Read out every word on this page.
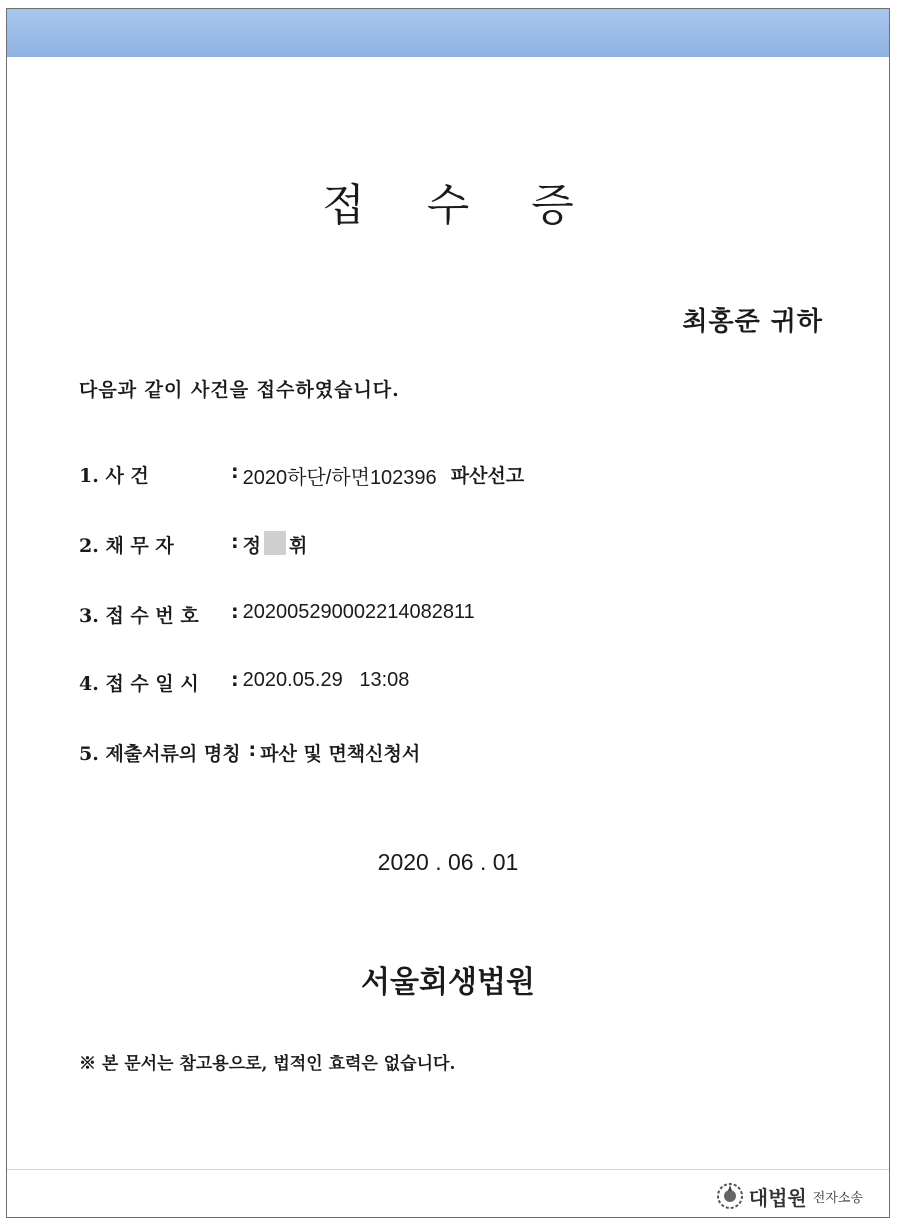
접수증
최홍준 귀하
다음과 같이 사건을 접수하였습니다.
1. 사 건	: 2020하단/하면102396 파산선고
2. 채 무 자	: 정 휘
3. 접 수 번 호	: 20200529000221408281​1
4. 접 수 일 시	: 2020.05.29   13:08
5. 제출서류의 명칭 : 파산 및 면책신청서
2020 . 06 . 01
서울회생법원
※ 본 문서는 참고용으로, 법적인 효력은 없습니다.
대법원 전자소송
